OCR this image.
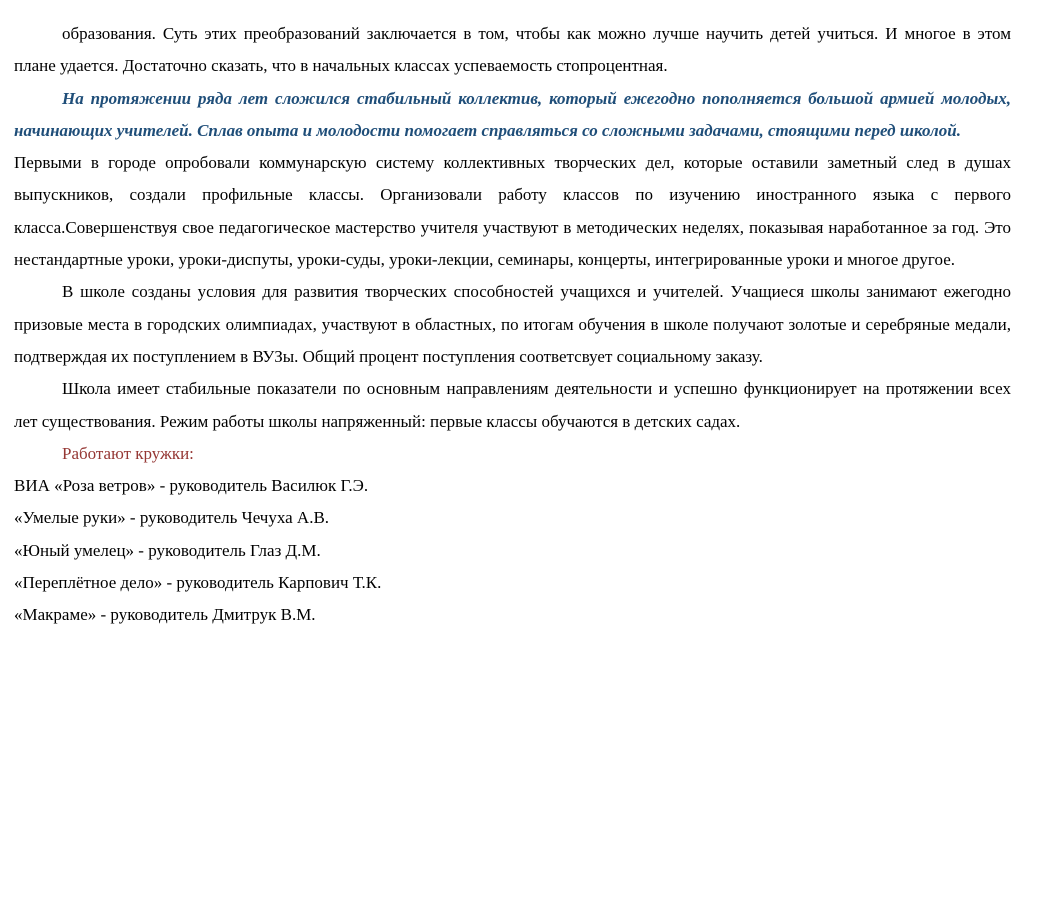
образования. Суть этих преобразований заключается в том, чтобы как можно лучше научить детей учиться. И многое в этом плане удается. Достаточно сказать, что в начальных классах успеваемость стопроцентная.

На протяжении ряда лет сложился стабильный коллектив, который ежегодно пополняется большой армией молодых, начинающих учителей. Сплав опыта и молодости помогает справляться со сложными задачами, стоящими перед школой.

Первыми в городе опробовали коммунарскую систему коллективных творческих дел, которые оставили заметный след в душах выпускников, создали профильные классы. Организовали работу классов по изучению иностранного языка с первого класса.Совершенствуя свое педагогическое мастерство учителя участвуют в методических неделях, показывая наработанное за год. Это нестандартные уроки, уроки-диспуты, уроки-суды, уроки-лекции, семинары, концерты, интегрированные уроки и многое другое.

В школе созданы условия для развития творческих способностей учащихся и учителей. Учащиеся школы занимают ежегодно призовые места в городских олимпиадах, участвуют в областных, по итогам обучения в школе получают золотые и серебряные медали, подтверждая их поступлением в ВУЗы. Общий процент поступления соответсвует социальному заказу.

Школа имеет стабильные показатели по основным направлениям деятельности и успешно функционирует на протяжении всех лет существования. Режим работы школы напряженный: первые классы обучаются в детских садах.

Работают кружки:

ВИА «Роза ветров» - руководитель Василюк Г.Э.
«Умелые руки» - руководитель Чечуха А.В.
«Юный умелец» - руководитель Глаз Д.М.
«Переплётное дело» - руководитель Карпович Т.К.
«Макраме» - руководитель Дмитрук В.М.
